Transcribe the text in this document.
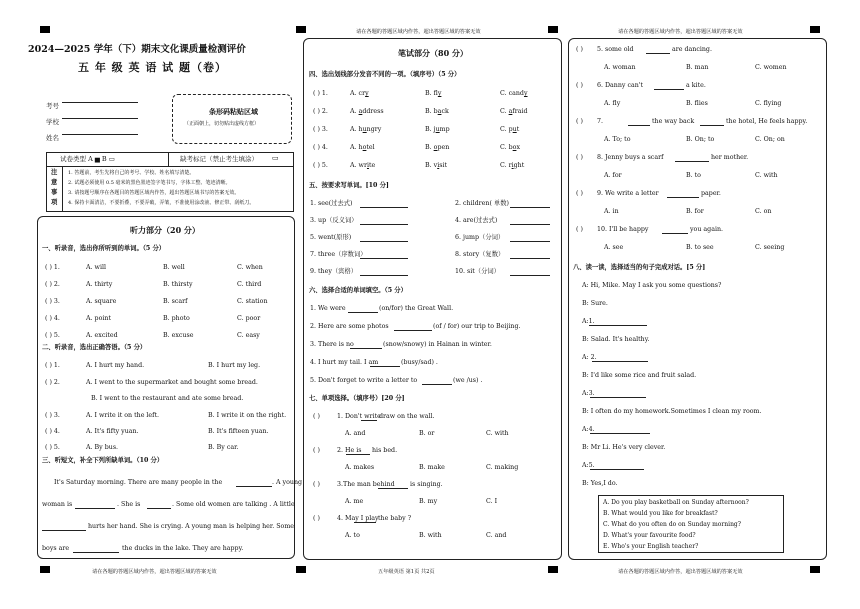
请在各题的答题区域内作答，超出答题区域的答案无效	请在各题的答题区域内作答，超出答题区域的答案无效
请在各题的答题区域内作答，超出答题区域的答案无效	五年级英语 第1页 共2页	请在各题的答题区域内作答，超出答题区域的答案无效
2024—2025 学年（下）期末文化课质量检测评价
五 年 级 英 语 试 题（卷）
考号
学校
姓名
条形码粘贴区域
（正面朝上，切勿贴出虚线方框）
试卷类型 A ▅ B ▭	缺考标记（禁止考生填涂） ▭
注
意
事
项
1. 答题前，考生先将自己的考号、学校、姓名填写清楚。
2. 试题必须使用 0.5 毫米的黑色墨迹签字笔书写，字体工整、笔迹清晰。
3. 请按题号顺序在各题目的答题区域内作答，超出答题区域书写的答案无效。
4. 保持卡面清洁，不要折叠，不要弄破，弄皱，不准使用涂改液、修正带、刮纸刀。
听力部分（20 分）
一、听录音，选出你所听到的单词。（5 分）
( ) 1.	A. will	B. well	C. when
( ) 2.	A. thirty	B. thirsty	C. third
( ) 3.	A. square	B. scarf	C. station
( ) 4.	A. point	B. photo	C. poor
( ) 5.	A. excited	B. excuse	C. easy
二、听录音，选出正确答语。（5 分）
( ) 1.	A. I hurt my hand.	B. I hurt my leg.
( ) 2.	A. I went to the supermarket and bought some bread.
B. I went to the restaurant and ate some bread.
( ) 3.	A. I write it on the left.	B. I write it on the right.
( ) 4.	A. It's fifty yuan.	B. It's fifteen yuan.
( ) 5.	A. By bus.	B. By car.
三、听短文，补全下列所缺单词。（10 分）
It's Saturday morning. There are many people in the	. A young
woman is	. She is	. Some old women are talking . A little
hurts her hand. She is crying. A young man is helping her. Some
boys are	the ducks in the lake. They are happy.
笔试部分（80 分）
四、选出划线部分发音不同的一项。（填序号）（5 分）
( ) 1.	A. cry	B. fly	C. candy
( ) 2.	A. address	B. back	C. afraid
( ) 3.	A. hungry	B. jump	C. put
( ) 4.	A. hotel	B. open	C. box
( ) 5.	A. write	B. visit	C. right
五、按要求写单词。[10 分]
1. see(过去式)	2. children( 单数)
3. up（反义词）	4. are(过去式)
5. went(原形)	6. jump（分词）
7. three（序数词）	8. story（复数）
9. they（宾格）	10. sit（分词）
六、选择合适的单词填空。（5 分）
1. We were	(on/for) the Great Wall.
2. Here are some photos	(of / for) our trip to Beijing.
3. There is no	(snow/snowy) in Hainan in winter.
4. I hurt my tail. I am	(busy/sad) .
5. Don't forget to write a letter to	(we /us) .
七、单项选择。（填序号）[20 分]
( )	1. Don't write
draw on the wall.
A. and	B. or	C. with
( )	2. He is his bed.
A. makes	B. make	C. making
( )	3.The man behind is singing.
A. me	B. my	C. I
( )	4. May I play the baby ?
A. to	B. with	C. and
( ) 5. some old	are dancing.
A. woman	B. man	C. women
( ) 6. Danny can't	a kite.
A. fly	B. flies	C. flying
( ) 7.	the way back	the hotel, He feels happy.
A. To; to	B. On; to	C. On; on
( ) 8. Jenny buys a scarf	her mother.
A. for	B. to	C. with
( ) 9. We write a letter	paper.
A. in	B. for	C. on
( ) 10. I'll be happy	you again.
A. see	B. to see	C. seeing
八、读一读，选择适当的句子完成对话。[5 分]
A: Hi, Mike. May I ask you some questions?
B: Sure.
A:1.
B: Salad. It's healthy.
A: 2.
B: I'd like some rice and fruit salad.
A:3.
B: I often do my homework.Sometimes I clean my room.
A:4.
B: Mr Li. He's very clever.
A:5.
B: Yes,I do.
A. Do you play basketball on Sunday afternoon?
B. What would you like for breakfast?
C. What do you often do on Sunday morning?
D. What's your favourite food?
E. Who's your English teacher?
